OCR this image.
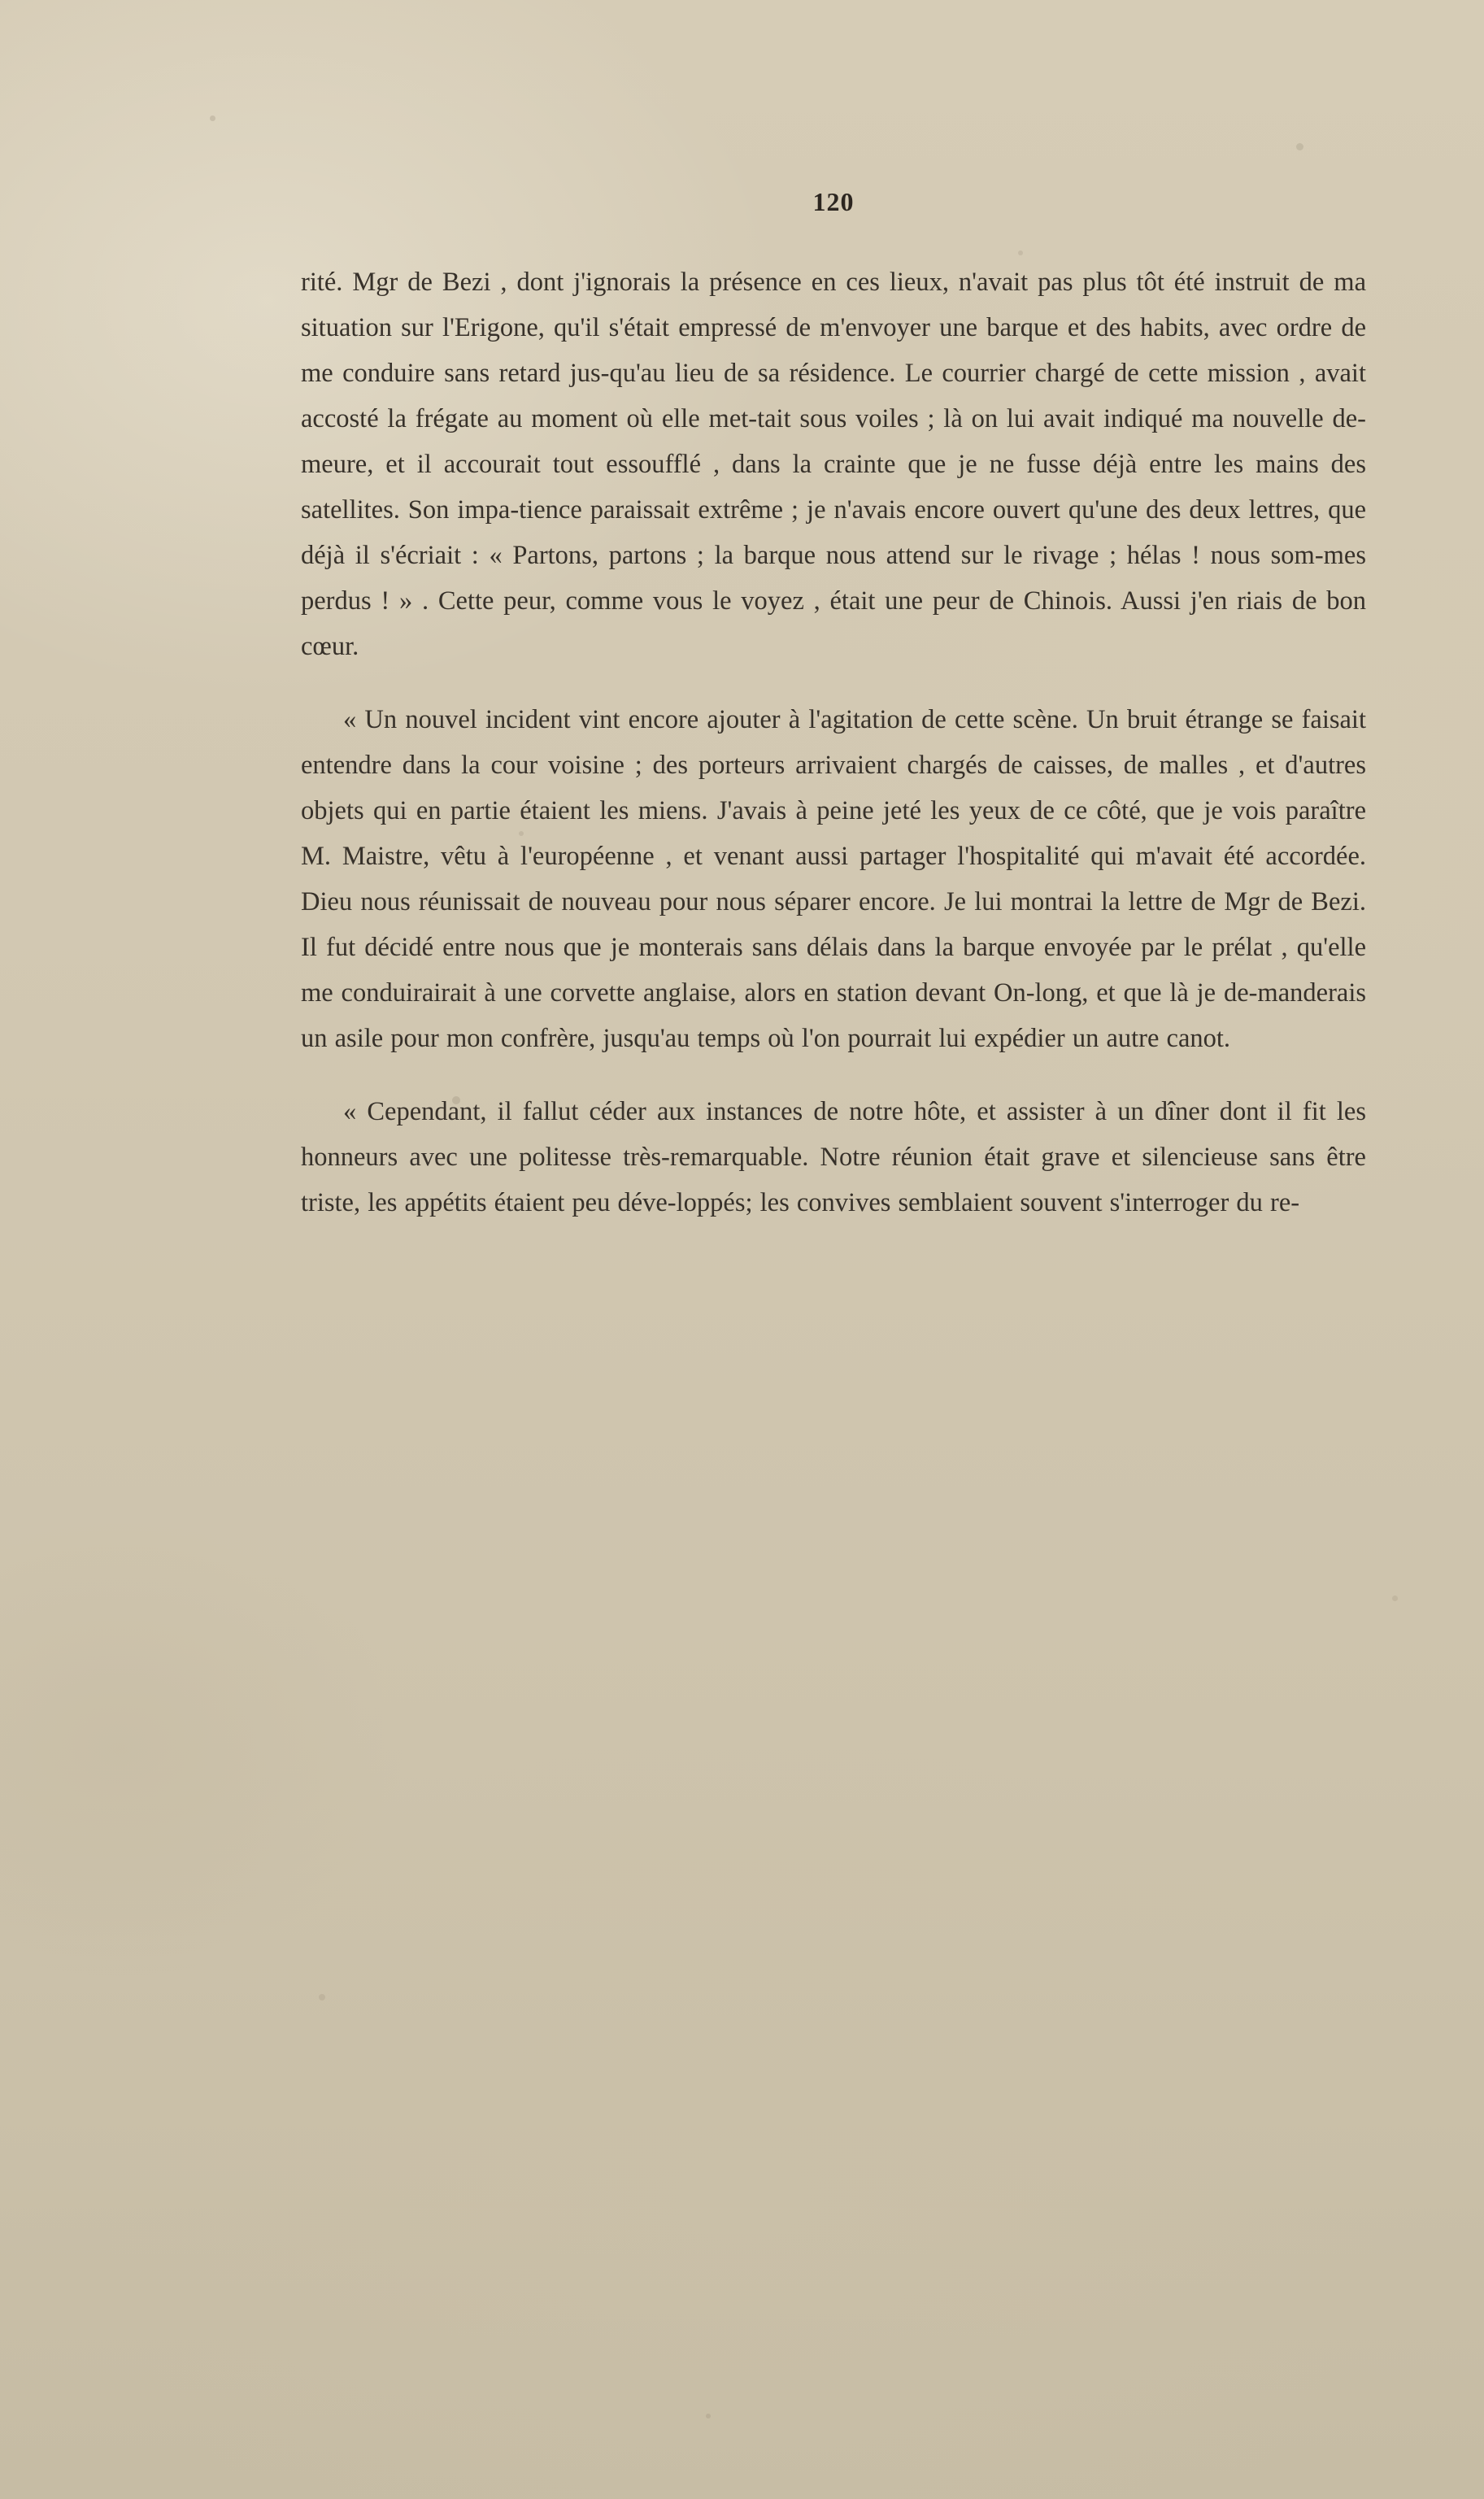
120

rité. Mgr de Bezi , dont j'ignorais la présence en ces lieux, n'avait pas plus tôt été instruit de ma situation sur l'Erigone, qu'il s'était empressé de m'envoyer une barque et des habits, avec ordre de me conduire sans retard jus-qu'au lieu de sa résidence. Le courrier chargé de cette mission , avait accosté la frégate au moment où elle met-tait sous voiles ; là on lui avait indiqué ma nouvelle de-meure, et il accourait tout essoufflé , dans la crainte que je ne fusse déjà entre les mains des satellites. Son impa-tience paraissait extrême ; je n'avais encore ouvert qu'une des deux lettres, que déjà il s'écriait : « Partons, partons ; la barque nous attend sur le rivage ; hélas ! nous som-mes perdus ! » . Cette peur, comme vous le voyez , était une peur de Chinois. Aussi j'en riais de bon cœur.

« Un nouvel incident vint encore ajouter à l'agitation de cette scène. Un bruit étrange se faisait entendre dans la cour voisine ; des porteurs arrivaient chargés de caisses, de malles , et d'autres objets qui en partie étaient les miens. J'avais à peine jeté les yeux de ce côté, que je vois paraître M. Maistre, vêtu à l'européenne , et venant aussi partager l'hospitalité qui m'avait été accordée. Dieu nous réunissait de nouveau pour nous séparer encore. Je lui montrai la lettre de Mgr de Bezi. Il fut décidé entre nous que je monterais sans délais dans la barque envoyée par le prélat , qu'elle me conduirairait à une corvette anglaise, alors en station devant On-long, et que là je de-manderais un asile pour mon confrère, jusqu'au temps où l'on pourrait lui expédier un autre canot.

« Cependant, il fallut céder aux instances de notre hôte, et assister à un dîner dont il fit les honneurs avec une politesse très-remarquable. Notre réunion était grave et silencieuse sans être triste, les appétits étaient peu déve-loppés; les convives semblaient souvent s'interroger du re-
